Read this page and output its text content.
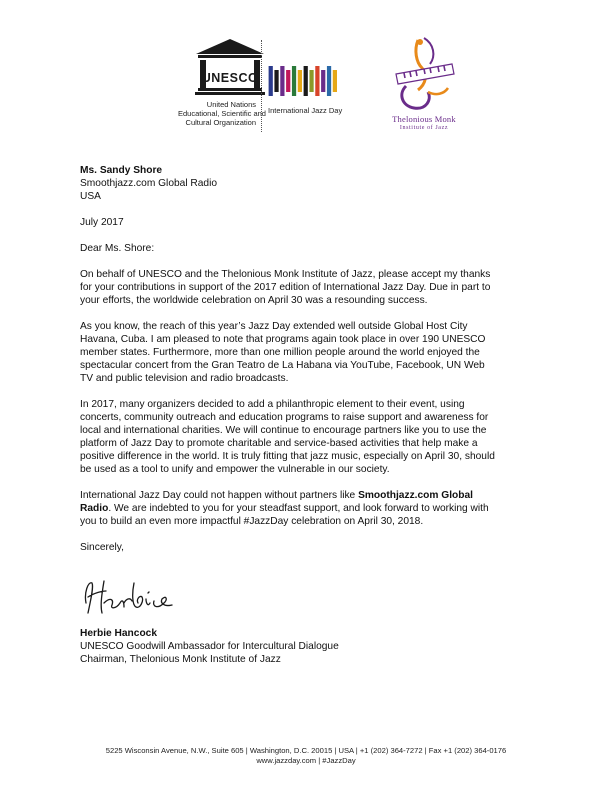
UNESCO
United Nations
Educational, Scientific and
Cultural Organization
International Jazz Day
Thelonious Monk
Institute of Jazz

Ms. Sandy Shore
Smoothjazz.com Global Radio
USA

July 2017

Dear Ms. Shore:

On behalf of UNESCO and the Thelonious Monk Institute of Jazz, please accept my thanks
for your contributions in support of the 2017 edition of International Jazz Day. Due in part to
your efforts, the worldwide celebration on April 30 was a resounding success.

As you know, the reach of this year’s Jazz Day extended well outside Global Host City
Havana, Cuba. I am pleased to note that programs again took place in over 190 UNESCO
member states. Furthermore, more than one million people around the world enjoyed the
spectacular concert from the Gran Teatro de La Habana via YouTube, Facebook, UN Web
TV and public television and radio broadcasts.

In 2017, many organizers decided to add a philanthropic element to their event, using
concerts, community outreach and education programs to raise support and awareness for
local and international charities. We will continue to encourage partners like you to use the
platform of Jazz Day to promote charitable and service-based activities that help make a
positive difference in the world. It is truly fitting that jazz music, especially on April 30, should
be used as a tool to unify and empower the vulnerable in our society.

International Jazz Day could not happen without partners like Smoothjazz.com Global
Radio. We are indebted to you for your steadfast support, and look forward to working with
you to build an even more impactful #JazzDay celebration on April 30, 2018.

Sincerely,

Herbie Hancock
UNESCO Goodwill Ambassador for Intercultural Dialogue
Chairman, Thelonious Monk Institute of Jazz
5225 Wisconsin Avenue, N.W., Suite 605 | Washington, D.C. 20015 | USA | +1 (202) 364-7272 | Fax +1 (202) 364-0176
www.jazzday.com | #JazzDay
